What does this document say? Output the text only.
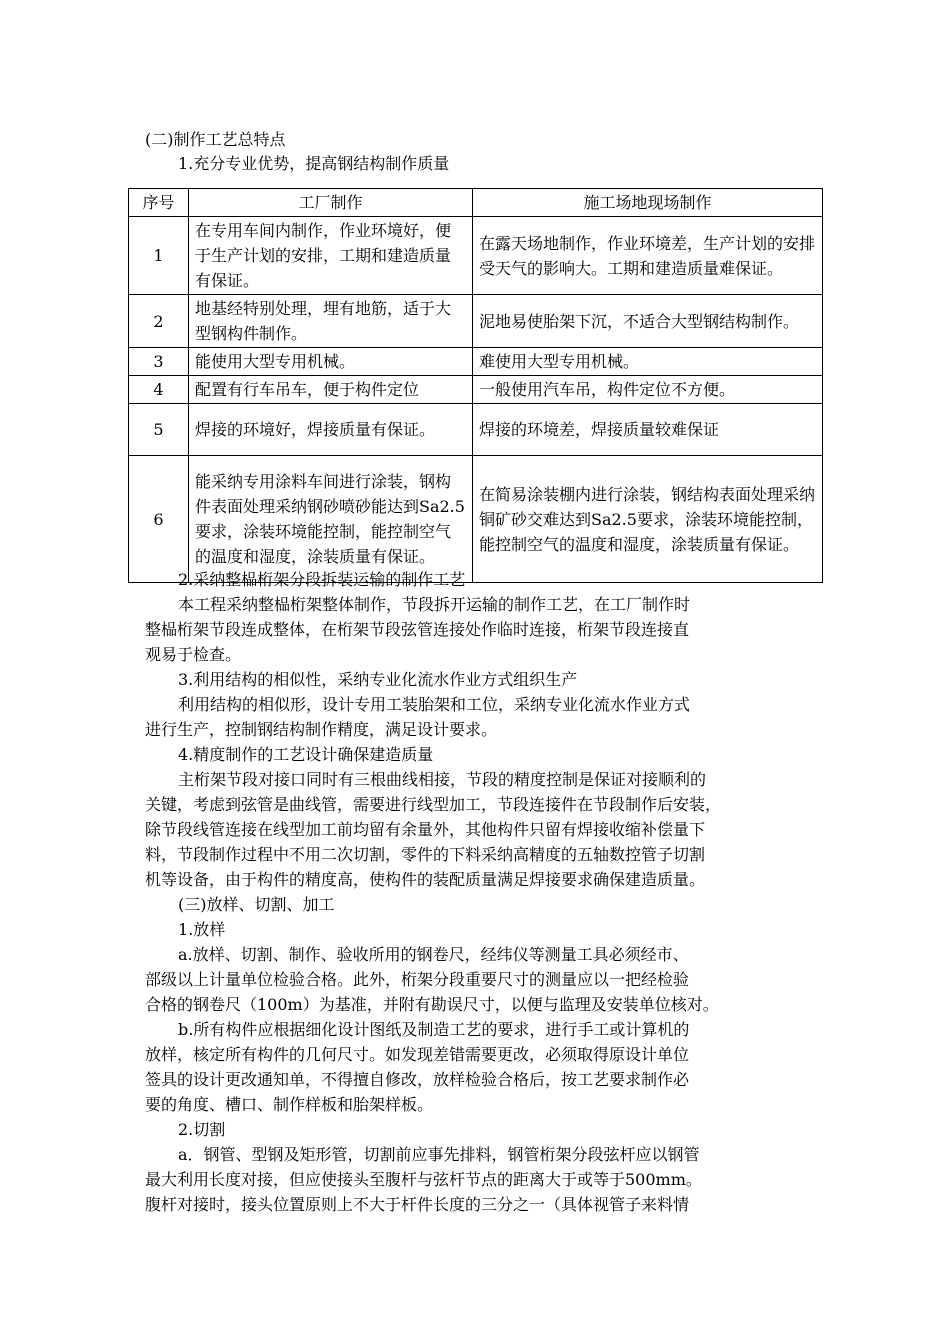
(二)制作工艺总特点
1.充分专业优势，提高钢结构制作质量
序号	工厂制作	施工场地现场制作
1	在专用车间内制作，作业环境好，便于生产计划的安排，工期和建造质量有保证。	在露天场地制作，作业环境差，生产计划的安排受天气的影响大。工期和建造质量难保证。
2	地基经特别处理，埋有地筋，适于大型钢构件制作。	泥地易使胎架下沉，不适合大型钢结构制作。
3	能使用大型专用机械。	难使用大型专用机械。
4	配置有行车吊车，便于构件定位	一般使用汽车吊，构件定位不方便。
5	焊接的环境好，焊接质量有保证。	焊接的环境差，焊接质量较难保证
6	能采纳专用涂料车间进行涂装，钢构件表面处理采纳钢砂喷砂能达到Sa2.5要求，涂装环境能控制，能控制空气的温度和湿度，涂装质量有保证。	在简易涂装棚内进行涂装，钢结构表面处理采纳铜矿砂交难达到Sa2.5要求，涂装环境能控制，能控制空气的温度和湿度，涂装质量有保证。
2.采纳整榀桁架分段拆装运输的制作工艺
本工程采纳整榀桁架整体制作，节段拆开运输的制作工艺，在工厂制作时
整榀桁架节段连成整体，在桁架节段弦管连接处作临时连接，桁架节段连接直
观易于检查。
3.利用结构的相似性，采纳专业化流水作业方式组织生产
利用结构的相似形，设计专用工装胎架和工位，采纳专业化流水作业方式
进行生产，控制钢结构制作精度，满足设计要求。
4.精度制作的工艺设计确保建造质量
主桁架节段对接口同时有三根曲线相接，节段的精度控制是保证对接顺利的
关键，考虑到弦管是曲线管，需要进行线型加工，节段连接件在节段制作后安装，
除节段线管连接在线型加工前均留有余量外，其他构件只留有焊接收缩补偿量下
料，节段制作过程中不用二次切割，零件的下料采纳高精度的五轴数控管子切割
机等设备，由于构件的精度高，使构件的装配质量满足焊接要求确保建造质量。
(三)放样、切割、加工
1.放样
a.放样、切割、制作、验收所用的钢卷尺，经纬仪等测量工具必须经市、
部级以上计量单位检验合格。此外，桁架分段重要尺寸的测量应以一把经检验
合格的钢卷尺（100m）为基准，并附有勘误尺寸，以便与监理及安装单位核对。
b.所有构件应根据细化设计图纸及制造工艺的要求，进行手工或计算机的
放样，核定所有构件的几何尺寸。如发现差错需要更改，必须取得原设计单位
签具的设计更改通知单，不得擅自修改，放样检验合格后，按工艺要求制作必
要的角度、槽口、制作样板和胎架样板。
2.切割
a．钢管、型钢及矩形管，切割前应事先排料，钢管桁架分段弦杆应以钢管
最大利用长度对接，但应使接头至腹杆与弦杆节点的距离大于或等于500mm。
腹杆对接时，接头位置原则上不大于杆件长度的三分之一（具体视管子来料情
